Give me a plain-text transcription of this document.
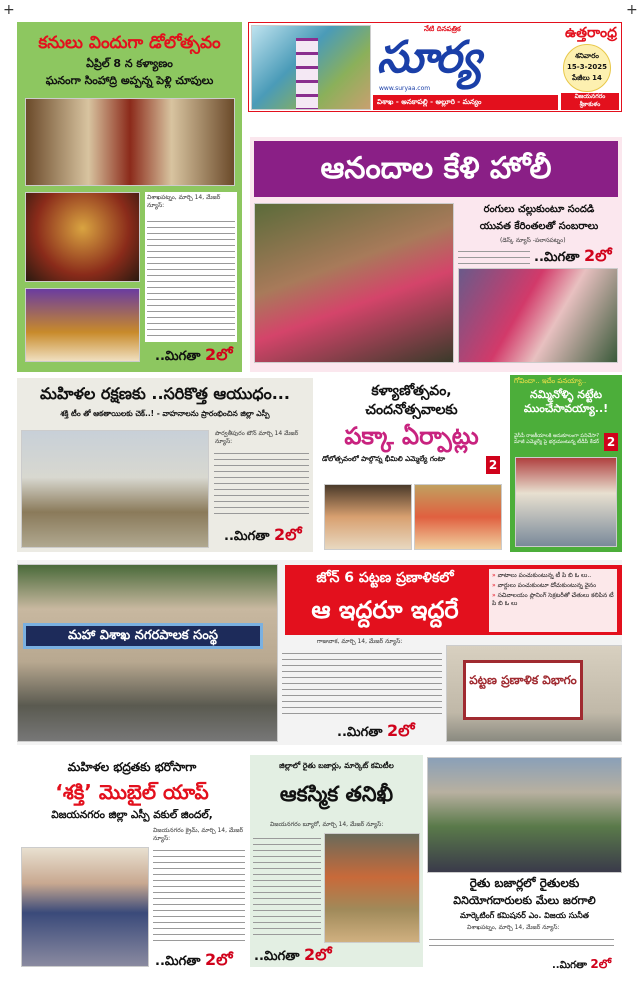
+	+
కనులు విందుగా డోలోత్సవం
ఏప్రిల్ 8 న కళ్యాణం
ఘనంగా సింహాద్రి అప్పన్న పెళ్లి చూపులు
విశాఖపట్నం, మార్చి 14, మేజర్ న్యూస్:
..మిగతా 2లో
నేటి దినపత్రిక
సూర్య
www.suryaa.com
ఉత్తరాంధ్ర
శనివారం
15-3-2025
పేజీలు 14
విశాఖ - అనకాపల్లి - అల్లూరి - మన్యం
విజయనగరం
శ్రీకాకుళం
ఆనందాల కేళి హోలీ
రంగులు చల్లుకుంటూ సందడి
యువత కేరింతలతో సంబరాలు
(డెస్క్ న్యూస్ -పలాసపట్నం)
..మిగతా 2లో
మహిళల రక్షణకు ..సరికొత్త ఆయుధం...
శక్తి టీం తో ఆకతాయిలకు చెక్..! - వాహనాలను ప్రారంభించిన జిల్లా ఎస్పీ
పార్వతీపురం టౌన్ మార్చి 14 మేజర్ న్యూస్:
..మిగతా 2లో
కళ్యాణోత్సవం,
చందనోత్సవాలకు
పక్కా ఏర్పాట్లు
డోలోత్సవంలో పాల్గొన్న భీమిలి ఎమ్మెల్యే గంటా	2
గోవిందా.. ఇదేం పనయ్యా..
నమ్మినోళ్ళి నట్టేట ముంచేసావయ్యా..!
వైసీపీ రాజకీయాలకి అనుకూలంగా పనిచేసా? మాజీ ఎమ్మెల్యే పై భగ్గుమంటున్న టీడీపీ కేడర్ 2
మహా విశాఖ నగరపాలక సంస్థ
జోన్ 6 పట్టణ ప్రణాళికలో
ఆ ఇద్దరూ ఇద్దరే
» వాటాలు పంచుకుంటున్న టీ పి బి ఓ లు..
» వార్డులు పంచుకుంటూ దోచుకుంటున్న వైనం
» సచివాలయం ప్లానింగ్ సెక్రటరీతో చేతులు కలిపిన టీ పి బి ఓ లు
గాజువాక, మార్చి 14, మేజర్ న్యూస్:
..మిగతా 2లో
పట్టణ ప్రణాళిక విభాగం
మహిళల భద్రతకు భరోసాగా
‘శక్తి’ మొబైల్ యాప్
విజయనగరం జిల్లా ఎస్పీ వకుల్ జిందల్,
విజయనగరం క్రైమ్, మార్చి 14, మేజర్ న్యూస్:
..మిగతా 2లో
జిల్లాలో రైతు బజార్లు, మార్కెట్ కమిటీల
ఆకస్మిక తనిఖీ
విజయనగరం బ్యూరో, మార్చి 14, మేజర్ న్యూస్:
..మిగతా 2లో
రైతు బజార్లలో రైతులకు
వినియోగదారులకు మేలు జరగాలి
మార్కెటింగ్ కమిషనర్ ఎం. విజయ సునీత
విశాఖపట్నం, మార్చి 14, మేజర్ న్యూస్:
..మిగతా 2లో
